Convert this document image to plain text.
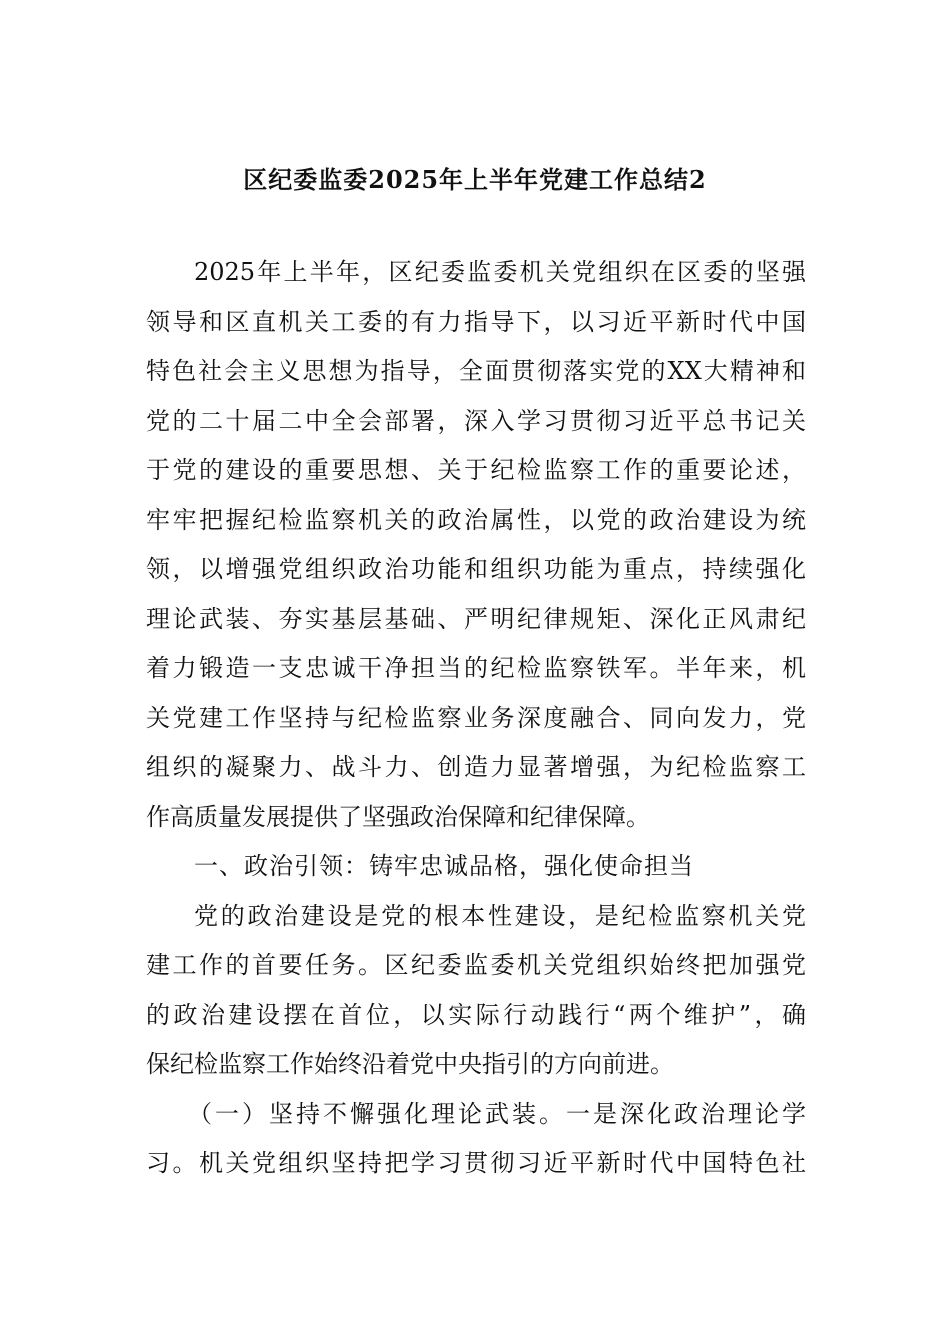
区纪委监委2025年上半年党建工作总结2
2025年上半年，区纪委监委机关党组织在区委的坚强
领导和区直机关工委的有力指导下，以习近平新时代中国
特色社会主义思想为指导，全面贯彻落实党的XX大精神和
党的二十届二中全会部署，深入学习贯彻习近平总书记关
于党的建设的重要思想、关于纪检监察工作的重要论述，
牢牢把握纪检监察机关的政治属性，以党的政治建设为统
领，以增强党组织政治功能和组织功能为重点，持续强化
理论武装、夯实基层基础、严明纪律规矩、深化正风肃纪
着力锻造一支忠诚干净担当的纪检监察铁军。半年来，机
关党建工作坚持与纪检监察业务深度融合、同向发力，党
组织的凝聚力、战斗力、创造力显著增强，为纪检监察工
作高质量发展提供了坚强政治保障和纪律保障。
一、政治引领：铸牢忠诚品格，强化使命担当
党的政治建设是党的根本性建设，是纪检监察机关党
建工作的首要任务。区纪委监委机关党组织始终把加强党
的政治建设摆在首位，以实际行动践行“两个维护”，确
保纪检监察工作始终沿着党中央指引的方向前进。
（一）坚持不懈强化理论武装。一是深化政治理论学
习。机关党组织坚持把学习贯彻习近平新时代中国特色社
